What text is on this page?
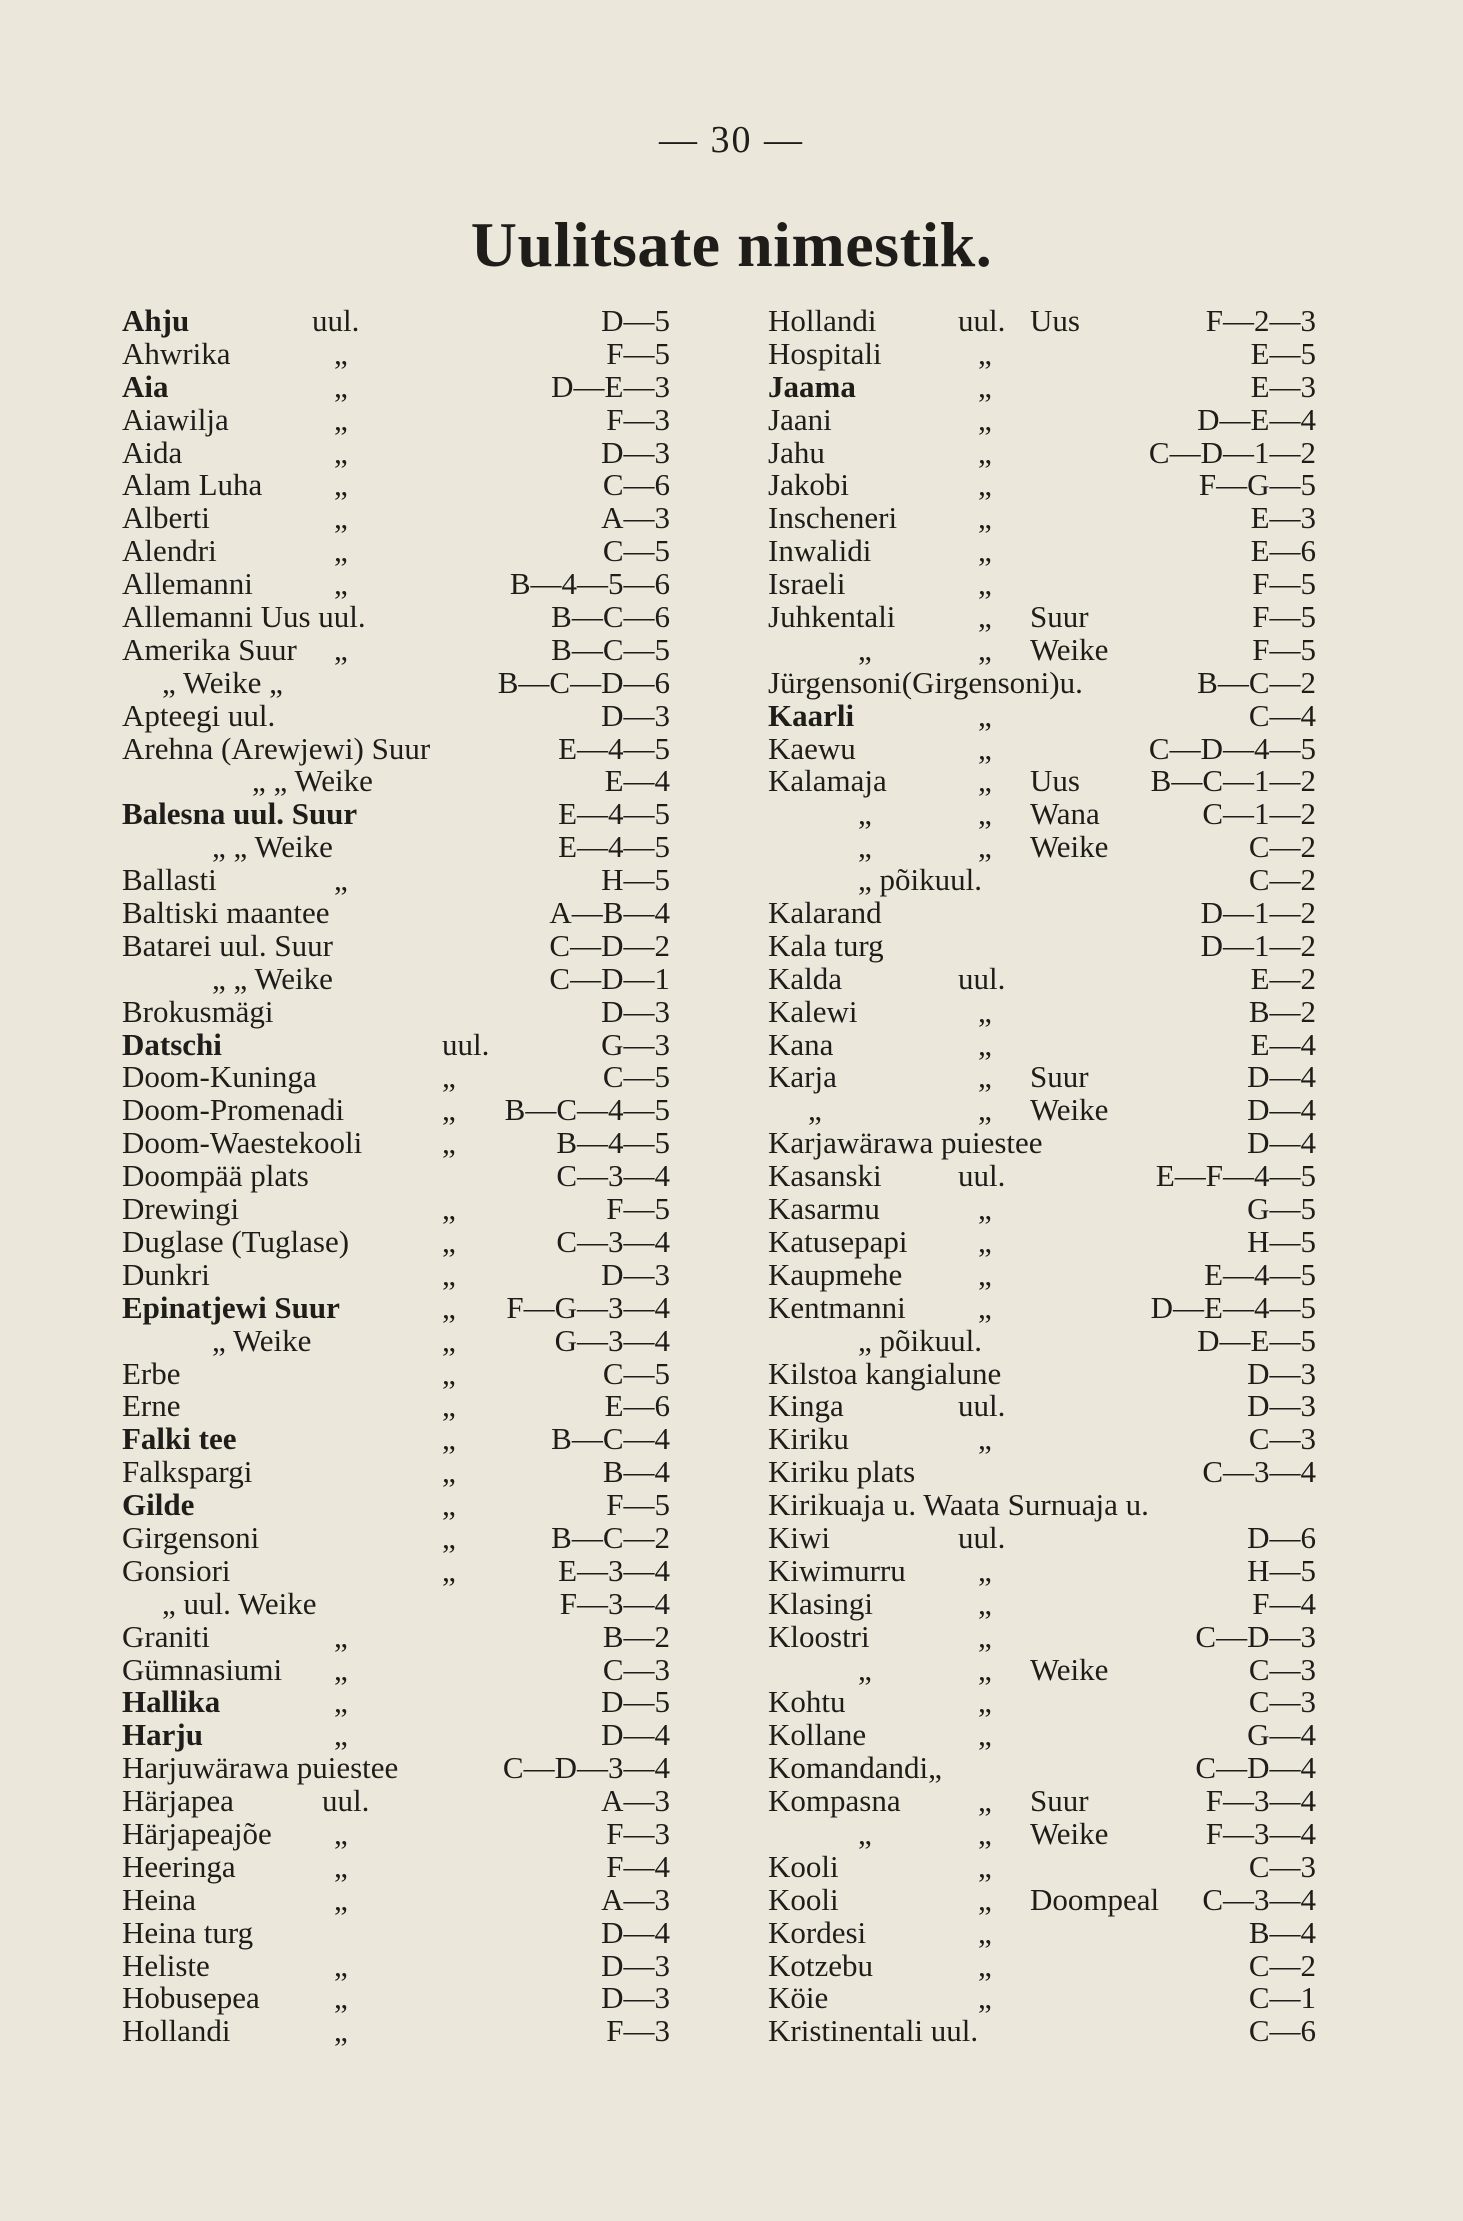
— 30 —
Uulitsate nimestik.
Ahju	uul.	D—5
Ahwrika	„	F—5
Aia	„	D—E—3
Aiawilja	„	F—3
Aida	„	D—3
Alam Luha „	C—6
Alberti	„	A—3
Alendri	„	C—5
Allemanni	„	B—4—5—6
Allemanni Uus uul.	B—C—6
Amerika Suur „	B—C—5
„ Weike „	B—C—D—6
Apteegi uul.	D—3
Arehna (Arewjewi) Suur	E—4—5
„ „ Weike	E—4
Balesna uul. Suur	E—4—5
„ „ Weike	E—4—5
Ballasti	„	H—5
Baltiski maantee	A—B—4
Batarei uul. Suur	C—D—2
„ „ Weike	C—D—1
Brokusmägi	D—3
Datschi	uul.	G—3
Doom-Kuninga	„	C—5
Doom-Promenadi	„ B—C—4—5
Doom-Waestekooli	„	B—4—5
Doompää plats	C—3—4
Drewingi	„	F—5
Duglase (Tuglase)	„	C—3—4
Dunkri	„	D—3
Epinatjewi Suur	„ F—G—3—4
„ Weike	„	G—3—4
Erbe	„	C—5
Erne	„	E—6
Falki tee	„	B—C—4
Falkspargi	„	B—4
Gilde	„	F—5
Girgensoni	„	B—C—2
Gonsiori	„	E—3—4
„ uul. Weike	F—3—4
Graniti	„	B—2
Gümnasiumi „	C—3
Hallika	„	D—5
Harju	„	D—4
Harjuwärawa puiestee	C—D—3—4
Härjapea	uul.	A—3
Härjapeajõe „	F—3
Heeringa	„	F—4
Heina	„	A—3
Heina turg	D—4
Heliste	„	D—3
Hobusepea „	D—3
Hollandi	„	F—3
Hollandi	uul. Uus	F—2—3
Hospitali	„	E—5
Jaama	„	E—3
Jaani	„	D—E—4
Jahu	„	C—D—1—2
Jakobi	„	F—G—5
Inscheneri	„	E—3
Inwalidi	„	E—6
Israeli	„	F—5
Juhkentali	„ Suur	F—5
„	„ Weike	F—5
Jürgensoni(Girgensoni)u.	B—C—2
Kaarli	„	C—4
Kaewu	„	C—D—4—5
Kalamaja	„ Uus B—C—1—2
„	„ Wana	C—1—2
„	„ Weike	C—2
„ põikuul.	C—2
Kalarand	D—1—2
Kala turg	D—1—2
Kalda	uul.	E—2
Kalewi	„	B—2
Kana	„	E—4
Karja	„ Suur	D—4
„	„ Weike	D—4
Karjawärawa puiestee	D—4
Kasanski uul.	E—F—4—5
Kasarmu	„	G—5
Katusepapi „	H—5
Kaupmehe „	E—4—5
Kentmanni „	D—E—4—5
„ põikuul.	D—E—5
Kilstoa kangialune	D—3
Kinga	uul.	D—3
Kiriku	„	C—3
Kiriku plats	C—3—4
Kirikuaja u. Waata Surnuaja u.
Kiwi	uul.	D—6
Kiwimurru „	H—5
Klasingi	„	F—4
Kloostri	„	C—D—3
„	„ Weike	C—3
Kohtu	„	C—3
Kollane	„	G—4
Komandandi„	C—D—4
Kompasna „ Suur	F—3—4
„	„ Weike	F—3—4
Kooli	„	C—3
Kooli	„ Doompeal C—3—4
Kordesi	„	B—4
Kotzebu	„	C—2
Köie	„	C—1
Kristinentali uul.	C—6
